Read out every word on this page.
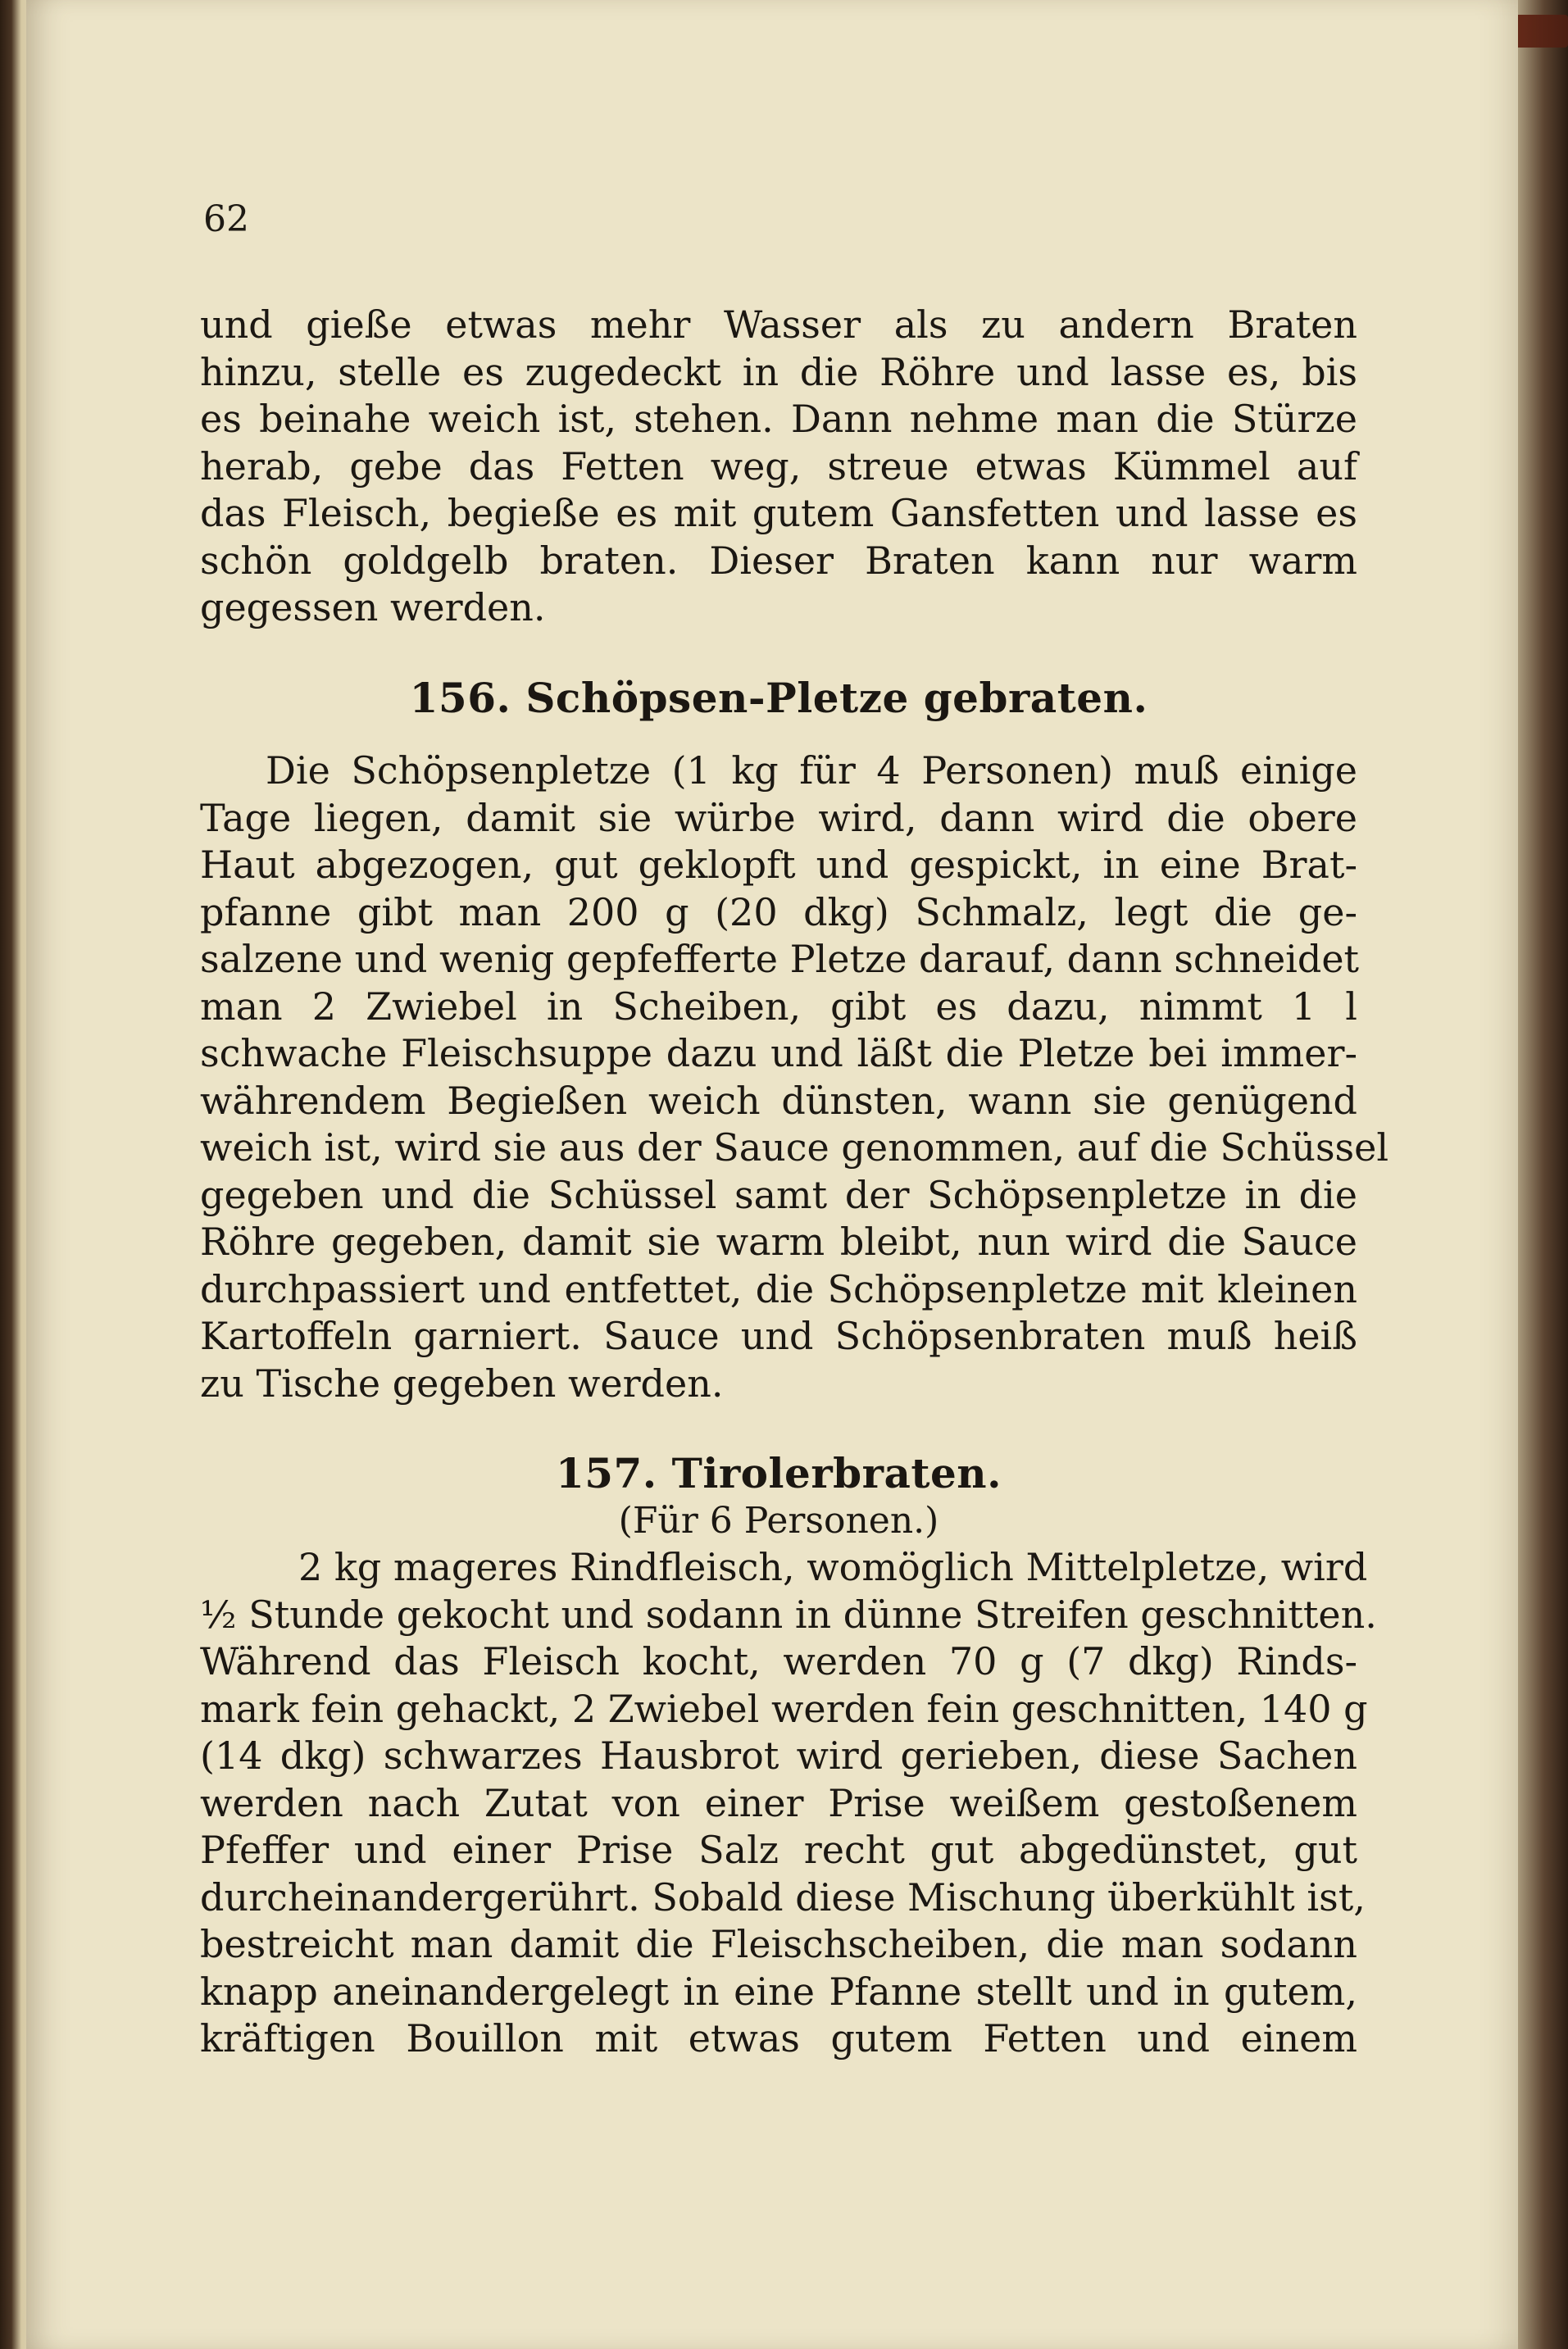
62
und gieße etwas mehr Wasser als zu andern Braten
hinzu, stelle es zugedeckt in die Röhre und lasse es, bis
es beinahe weich ist, stehen. Dann nehme man die Stürze
herab, gebe das Fetten weg, streue etwas Kümmel auf
das Fleisch, begieße es mit gutem Gansfetten und lasse es
schön goldgelb braten. Dieser Braten kann nur warm
gegessen werden.
156. Schöpsen-Pletze gebraten.
Die Schöpsenpletze (1 kg für 4 Personen) muß einige
Tage liegen, damit sie würbe wird, dann wird die obere
Haut abgezogen, gut geklopft und gespickt, in eine Brat-
pfanne gibt man 200 g (20 dkg) Schmalz, legt die ge-
salzene und wenig gepfefferte Pletze darauf, dann schneidet
man 2 Zwiebel in Scheiben, gibt es dazu, nimmt 1 l
schwache Fleischsuppe dazu und läßt die Pletze bei immer-
währendem Begießen weich dünsten, wann sie genügend
weich ist, wird sie aus der Sauce genommen, auf die Schüssel
gegeben und die Schüssel samt der Schöpsenpletze in die
Röhre gegeben, damit sie warm bleibt, nun wird die Sauce
durchpassiert und entfettet, die Schöpsenpletze mit kleinen
Kartoffeln garniert. Sauce und Schöpsenbraten muß heiß
zu Tische gegeben werden.
157. Tirolerbraten.
(Für 6 Personen.)
2 kg mageres Rindfleisch, womöglich Mittelpletze, wird
½ Stunde gekocht und sodann in dünne Streifen geschnitten.
Während das Fleisch kocht, werden 70 g (7 dkg) Rinds-
mark fein gehackt, 2 Zwiebel werden fein geschnitten, 140 g
(14 dkg) schwarzes Hausbrot wird gerieben, diese Sachen
werden nach Zutat von einer Prise weißem gestoßenem
Pfeffer und einer Prise Salz recht gut abgedünstet, gut
durcheinandergerührt. Sobald diese Mischung überkühlt ist,
bestreicht man damit die Fleischscheiben, die man sodann
knapp aneinandergelegt in eine Pfanne stellt und in gutem,
kräftigen Bouillon mit etwas gutem Fetten und einem
